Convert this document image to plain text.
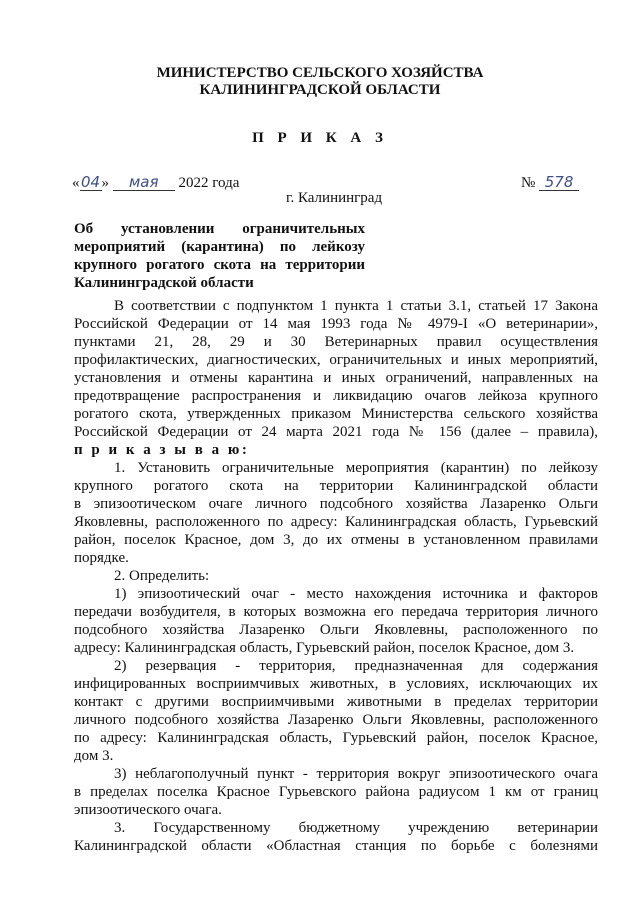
МИНИСТЕРСТВО СЕЛЬСКОГО ХОЗЯЙСТВА
КАЛИНИНГРАДСКОЙ ОБЛАСТИ
П Р И К А З
«04» мая 2022 года	№ 578
г. Калининград
Об установлении ограничительных
мероприятий (карантина) по лейкозу
крупного рогатого скота на территории
Калининградской области
В соответствии с подпунктом 1 пункта 1 статьи 3.1, статьей 17 Закона
Российской Федерации от 14 мая 1993 года № 4979-I «О ветеринарии»,
пунктами 21, 28, 29 и 30 Ветеринарных правил осуществления
профилактических, диагностических, ограничительных и иных мероприятий,
установления и отмены карантина и иных ограничений, направленных на
предотвращение распространения и ликвидацию очагов лейкоза крупного
рогатого скота, утвержденных приказом Министерства сельского хозяйства
Российской Федерации от 24 марта 2021 года № 156 (далее – правила),
п р и к а з ы в а ю:
1. Установить ограничительные мероприятия (карантин) по лейкозу
крупного рогатого скота на территории Калининградской области
в эпизоотическом очаге личного подсобного хозяйства Лазаренко Ольги
Яковлевны, расположенного по адресу: Калининградская область, Гурьевский
район, поселок Красное, дом 3, до их отмены в установленном правилами
порядке.
2. Определить:
1) эпизоотический очаг - место нахождения источника и факторов
передачи возбудителя, в которых возможна его передача территория личного
подсобного хозяйства Лазаренко Ольги Яковлевны, расположенного по
адресу: Калининградская область, Гурьевский район, поселок Красное, дом 3.
2) резервация - территория, предназначенная для содержания
инфицированных восприимчивых животных, в условиях, исключающих их
контакт с другими восприимчивыми животными в пределах территории
личного подсобного хозяйства Лазаренко Ольги Яковлевны, расположенного
по адресу: Калининградская область, Гурьевский район, поселок Красное,
дом 3.
3) неблагополучный пункт - территория вокруг эпизоотического очага
в пределах поселка Красное Гурьевского района радиусом 1 км от границ
эпизоотического очага.
3. Государственному бюджетному учреждению ветеринарии
Калининградской области «Областная станция по борьбе с болезнями
